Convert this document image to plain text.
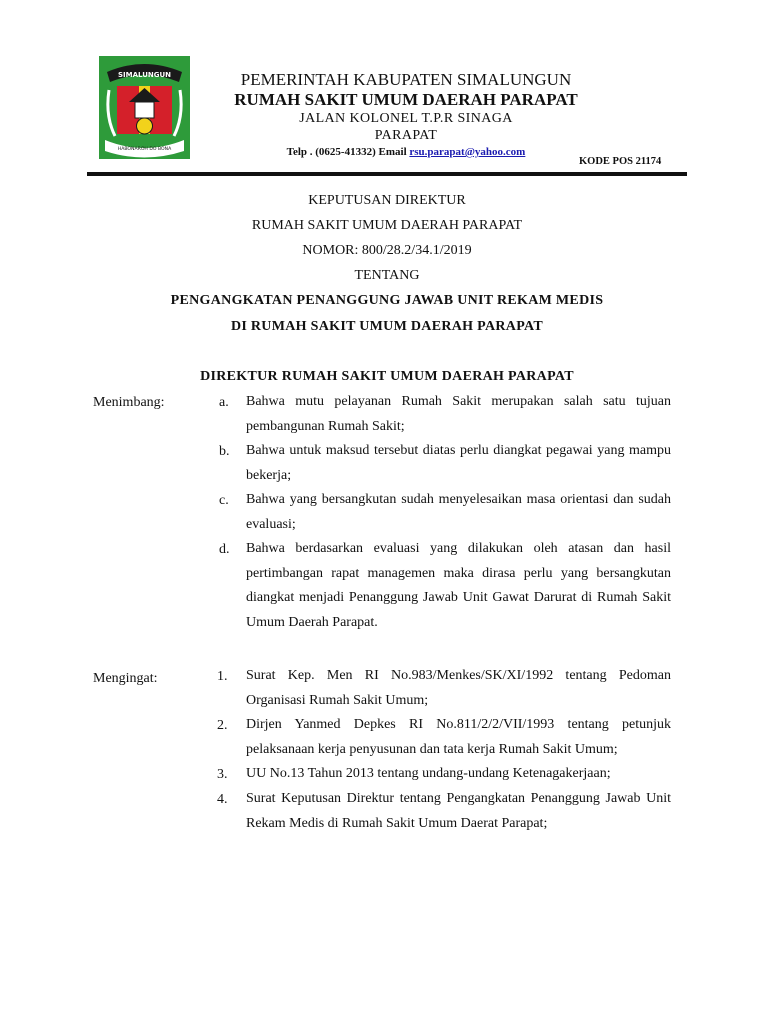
SIMALUNGUN
HABONAROH DO BONA
PEMERINTAH KABUPATEN SIMALUNGUN
RUMAH SAKIT UMUM DAERAH PARAPAT
JALAN KOLONEL T.P.R SINAGA
PARAPAT
Telp . (0625-41332) Email rsu.parapat@yahoo.com
KODE POS 21174
KEPUTUSAN DIREKTUR
RUMAH SAKIT UMUM DAERAH PARAPAT
NOMOR: 800/28.2/34.1/2019
TENTANG
PENGANGKATAN PENANGGUNG JAWAB UNIT REKAM MEDIS
DI RUMAH SAKIT UMUM DAERAH PARAPAT
DIREKTUR RUMAH SAKIT UMUM DAERAH PARAPAT
Menimbang:	a. Bahwa mutu pelayanan Rumah Sakit merupakan salah satu tujuan pembangunan Rumah Sakit;
b. Bahwa untuk maksud tersebut diatas perlu diangkat pegawai yang mampu bekerja;
c. Bahwa yang bersangkutan sudah menyelesaikan masa orientasi dan sudah evaluasi;
d. Bahwa berdasarkan evaluasi yang dilakukan oleh atasan dan hasil pertimbangan rapat managemen maka dirasa perlu yang bersangkutan diangkat menjadi Penanggung Jawab Unit Gawat Darurat di Rumah Sakit Umum Daerah Parapat.
Mengingat:	1. Surat Kep. Men RI No.983/Menkes/SK/XI/1992 tentang Pedoman Organisasi Rumah Sakit Umum;
2. Dirjen Yanmed Depkes RI No.811/2/2/VII/1993 tentang petunjuk pelaksanaan kerja penyusunan dan tata kerja Rumah Sakit Umum;
3. UU No.13 Tahun 2013 tentang undang-undang Ketenagakerjaan;
4. Surat Keputusan Direktur tentang Pengangkatan Penanggung Jawab Unit Rekam Medis di Rumah Sakit Umum Daerat Parapat;
